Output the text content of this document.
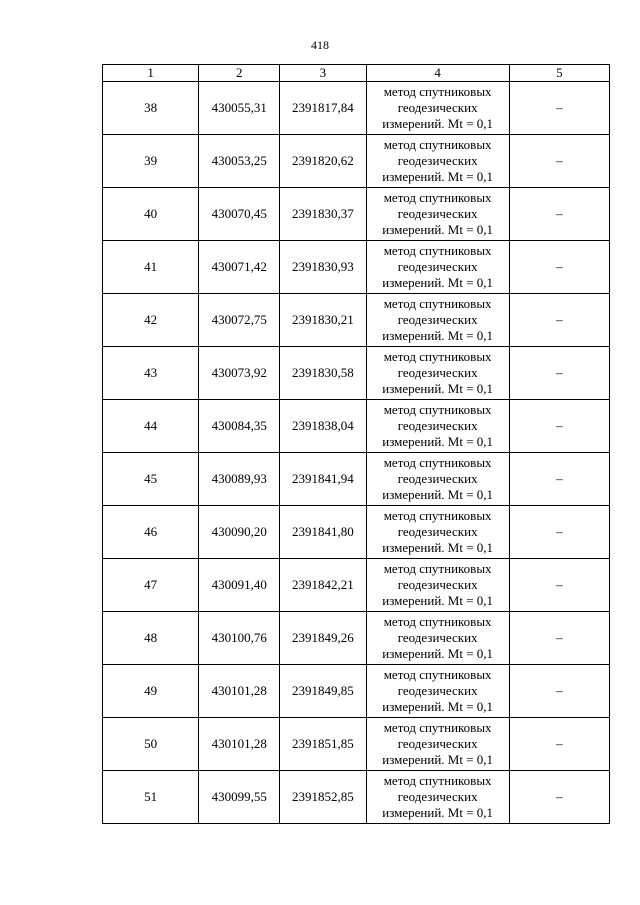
418
1	2	3	4	5
38	430055,31	2391817,84	метод спутниковых
геодезических
измерений. Mt = 0,1	–
39	430053,25	2391820,62	метод спутниковых
геодезических
измерений. Mt = 0,1	–
40	430070,45	2391830,37	метод спутниковых
геодезических
измерений. Mt = 0,1	–
41	430071,42	2391830,93	метод спутниковых
геодезических
измерений. Mt = 0,1	–
42	430072,75	2391830,21	метод спутниковых
геодезических
измерений. Mt = 0,1	–
43	430073,92	2391830,58	метод спутниковых
геодезических
измерений. Mt = 0,1	–
44	430084,35	2391838,04	метод спутниковых
геодезических
измерений. Mt = 0,1	–
45	430089,93	2391841,94	метод спутниковых
геодезических
измерений. Mt = 0,1	–
46	430090,20	2391841,80	метод спутниковых
геодезических
измерений. Mt = 0,1	–
47	430091,40	2391842,21	метод спутниковых
геодезических
измерений. Mt = 0,1	–
48	430100,76	2391849,26	метод спутниковых
геодезических
измерений. Mt = 0,1	–
49	430101,28	2391849,85	метод спутниковых
геодезических
измерений. Mt = 0,1	–
50	430101,28	2391851,85	метод спутниковых
геодезических
измерений. Mt = 0,1	–
51	430099,55	2391852,85	метод спутниковых
геодезических
измерений. Mt = 0,1	–
